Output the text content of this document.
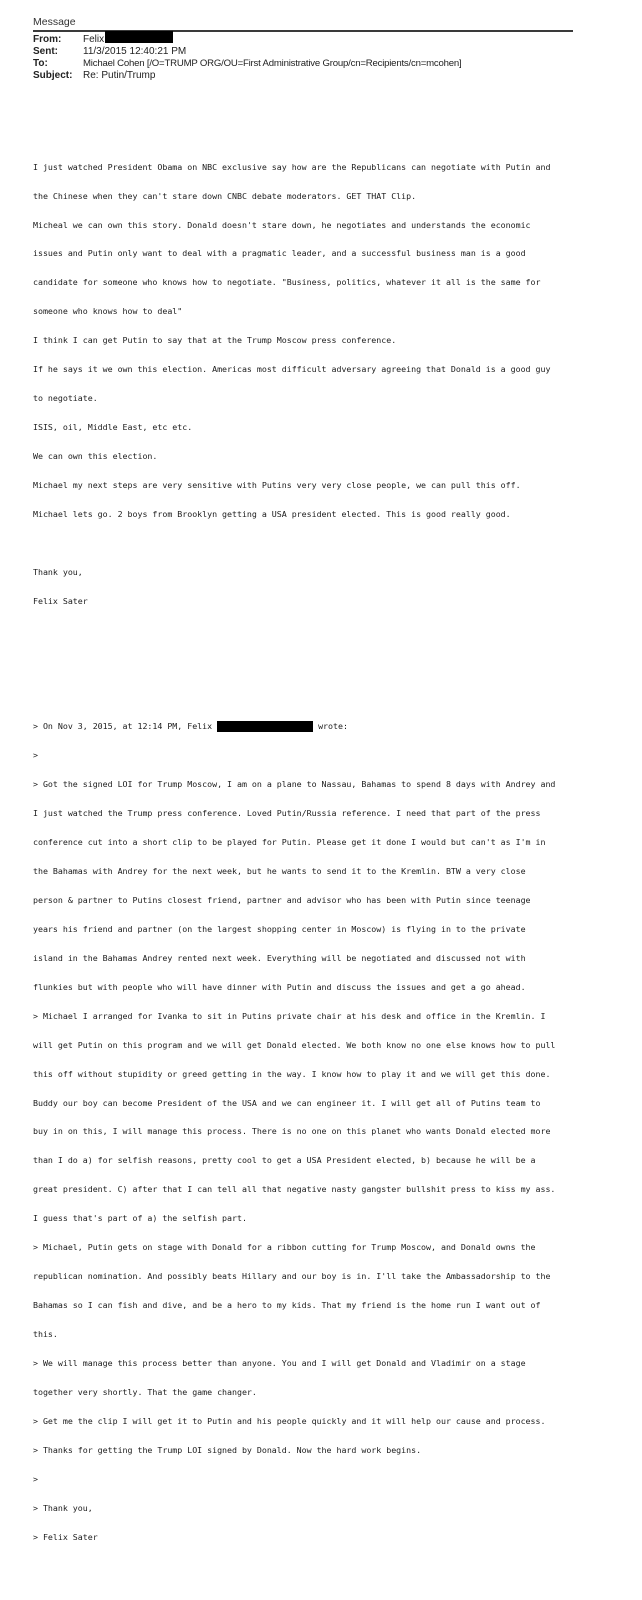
Message
From:	Felix
Sent:	11/3/2015 12:40:21 PM
To:	Michael Cohen [/O=TRUMP ORG/OU=First Administrative Group/cn=Recipients/cn=mcohen]
Subject:	Re: Putin/Trump

I just watched President Obama on NBC exclusive say how are the Republicans can negotiate with Putin and

the Chinese when they can't stare down CNBC debate moderators. GET THAT Clip.

Micheal we can own this story. Donald doesn't stare down, he negotiates and understands the economic

issues and Putin only want to deal with a pragmatic leader, and a successful business man is a good

candidate for someone who knows how to negotiate. "Business, politics, whatever it all is the same for

someone who knows how to deal"

I think I can get Putin to say that at the Trump Moscow press conference.

If he says it we own this election. Americas most difficult adversary agreeing that Donald is a good guy

to negotiate.

ISIS, oil, Middle East, etc etc.

We can own this election.

Michael my next steps are very sensitive with Putins very very close people, we can pull this off.

Michael lets go. 2 boys from Brooklyn getting a USA president elected. This is good really good.

Thank you,

Felix Sater

> On Nov 3, 2015, at 12:14 PM, Felix	wrote:

>

> Got the signed LOI for Trump Moscow, I am on a plane to Nassau, Bahamas to spend 8 days with Andrey and

I just watched the Trump press conference. Loved Putin/Russia reference. I need that part of the press

conference cut into a short clip to be played for Putin. Please get it done I would but can't as I'm in

the Bahamas with Andrey for the next week, but he wants to send it to the Kremlin. BTW a very close

person & partner to Putins closest friend, partner and advisor who has been with Putin since teenage

years his friend and partner (on the largest shopping center in Moscow) is flying in to the private

island in the Bahamas Andrey rented next week. Everything will be negotiated and discussed not with

flunkies but with people who will have dinner with Putin and discuss the issues and get a go ahead.

> Michael I arranged for Ivanka to sit in Putins private chair at his desk and office in the Kremlin. I

will get Putin on this program and we will get Donald elected. We both know no one else knows how to pull

this off without stupidity or greed getting in the way. I know how to play it and we will get this done.

Buddy our boy can become President of the USA and we can engineer it. I will get all of Putins team to

buy in on this, I will manage this process. There is no one on this planet who wants Donald elected more

than I do a) for selfish reasons, pretty cool to get a USA President elected, b) because he will be a

great president. C) after that I can tell all that negative nasty gangster bullshit press to kiss my ass.

I guess that's part of a) the selfish part.

> Michael, Putin gets on stage with Donald for a ribbon cutting for Trump Moscow, and Donald owns the

republican nomination. And possibly beats Hillary and our boy is in. I'll take the Ambassadorship to the

Bahamas so I can fish and dive, and be a hero to my kids. That my friend is the home run I want out of

this.

> We will manage this process better than anyone. You and I will get Donald and Vladimir on a stage

together very shortly. That the game changer.

> Get me the clip I will get it to Putin and his people quickly and it will help our cause and process.

> Thanks for getting the Trump LOI signed by Donald. Now the hard work begins.

>

> Thank you,

> Felix Sater
